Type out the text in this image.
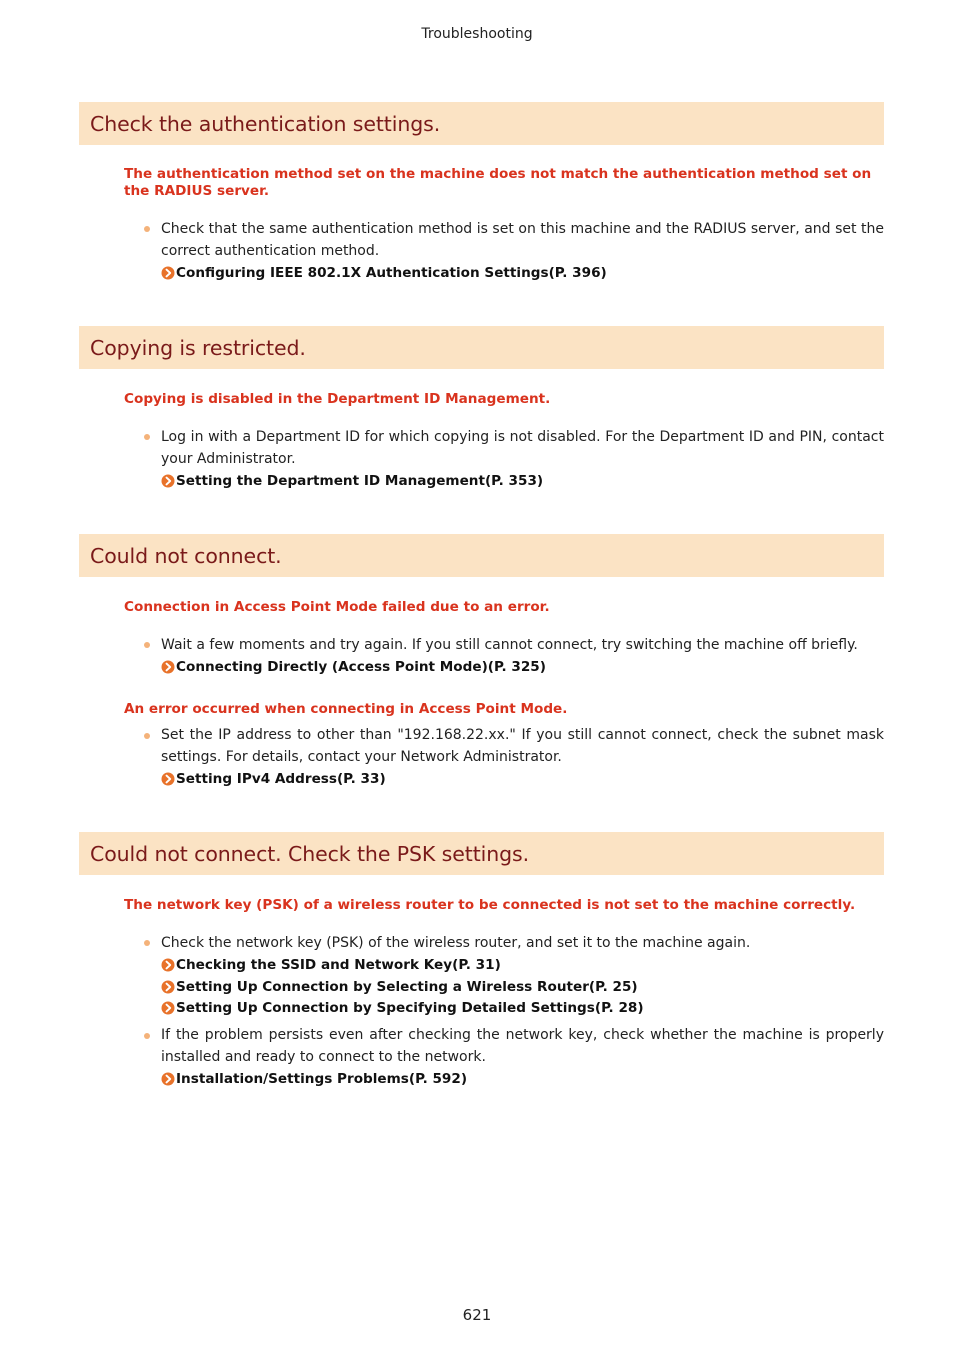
Troubleshooting
Check the authentication settings.
The authentication method set on the machine does not match the authentication method set on the RADIUS server.
Check that the same authentication method is set on this machine and the RADIUS server, and set the correct authentication method.
Configuring IEEE 802.1X Authentication Settings(P. 396)
Copying is restricted.
Copying is disabled in the Department ID Management.
Log in with a Department ID for which copying is not disabled. For the Department ID and PIN, contact your Administrator.
Setting the Department ID Management(P. 353)
Could not connect.
Connection in Access Point Mode failed due to an error.
Wait a few moments and try again. If you still cannot connect, try switching the machine off briefly.
Connecting Directly (Access Point Mode)(P. 325)
An error occurred when connecting in Access Point Mode.
Set the IP address to other than "192.168.22.xx." If you still cannot connect, check the subnet mask settings. For details, contact your Network Administrator.
Setting IPv4 Address(P. 33)
Could not connect. Check the PSK settings.
The network key (PSK) of a wireless router to be connected is not set to the machine correctly.
Check the network key (PSK) of the wireless router, and set it to the machine again.
Checking the SSID and Network Key(P. 31)
Setting Up Connection by Selecting a Wireless Router(P. 25)
Setting Up Connection by Specifying Detailed Settings(P. 28)
If the problem persists even after checking the network key, check whether the machine is properly installed and ready to connect to the network.
Installation/Settings Problems(P. 592)
621
